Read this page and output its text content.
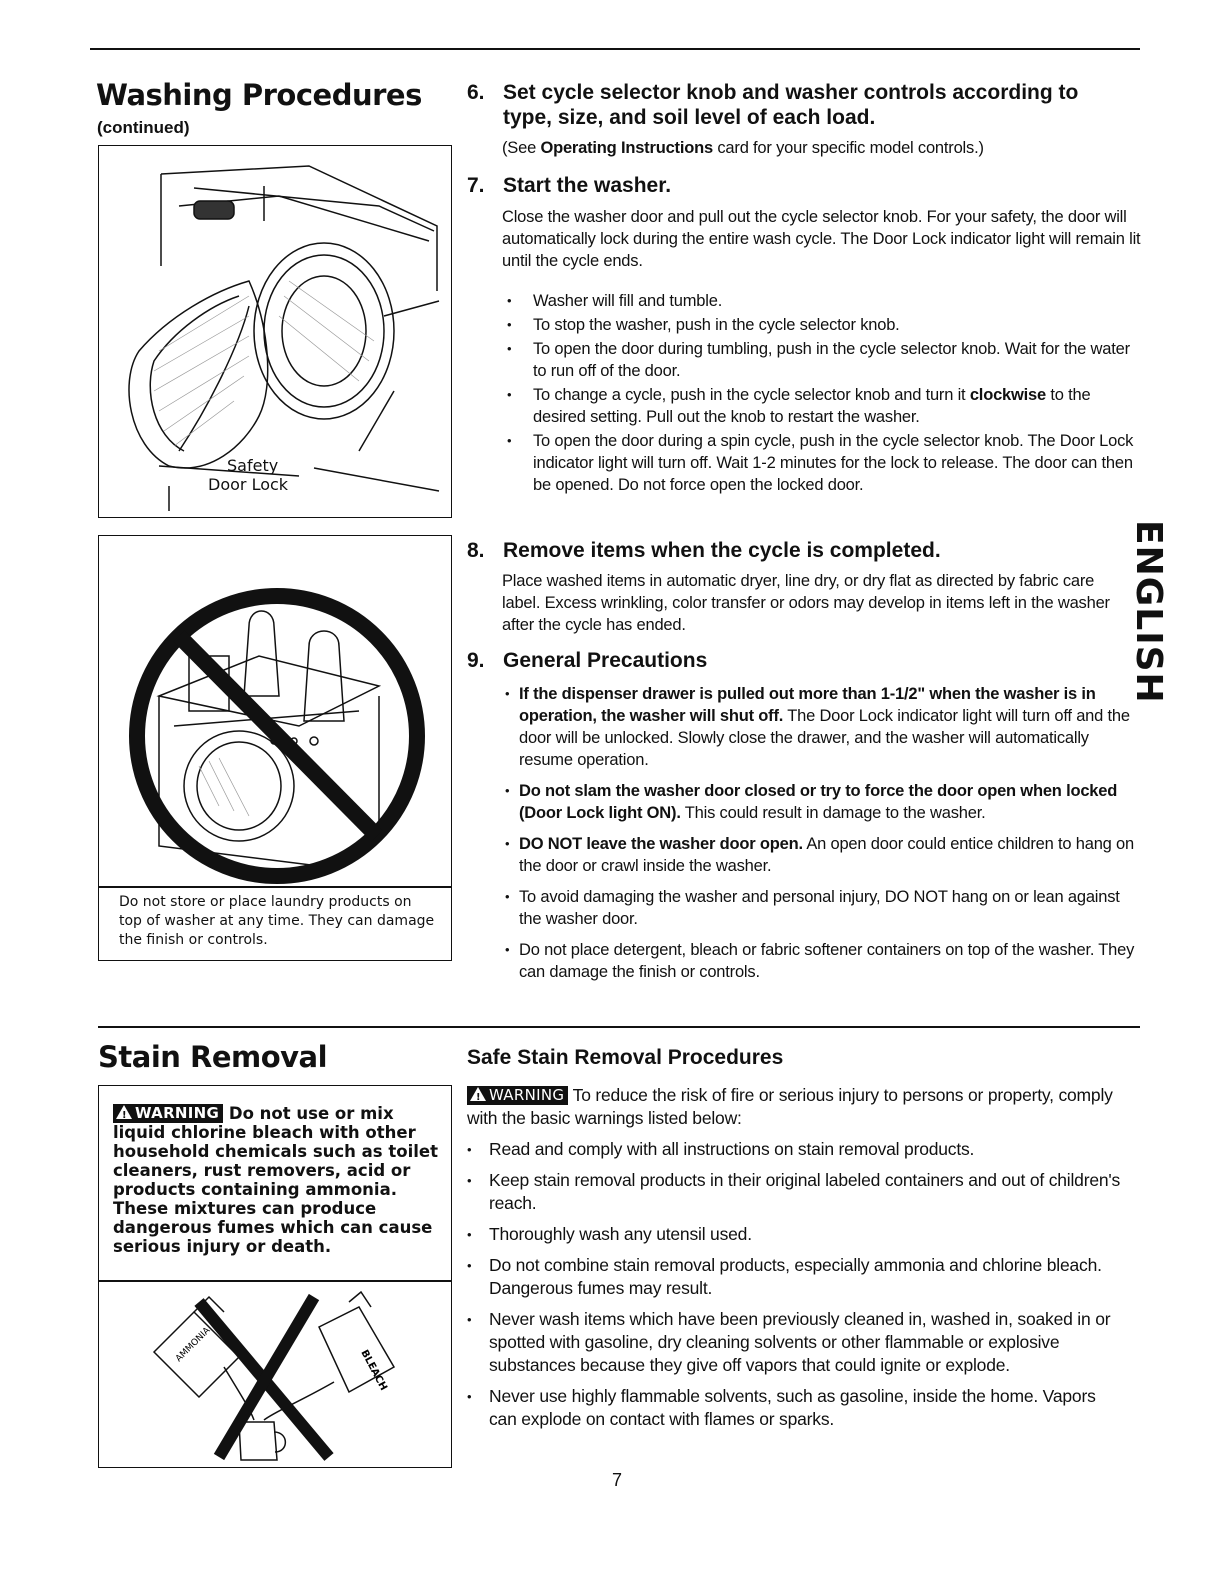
Washing Procedures
(continued)
Safety
Door Lock
Do not store or place laundry products on top of washer at any time. They can damage the finish or controls.
6. Set cycle selector knob and washer controls according to
type, size, and soil level of each load.
(See Operating Instructions card for your specific model controls.)
7. Start the washer.
Close the washer door and pull out the cycle selector knob. For your safety, the door will automatically lock during the entire wash cycle. The Door Lock indicator light will remain lit until the cycle ends.
• Washer will fill and tumble.
• To stop the washer, push in the cycle selector knob.
• To open the door during tumbling, push in the cycle selector knob. Wait for the water to run off of the door.
• To change a cycle, push in the cycle selector knob and turn it clockwise to the desired setting. Pull out the knob to restart the washer.
• To open the door during a spin cycle, push in the cycle selector knob. The Door Lock indicator light will turn off. Wait 1-2 minutes for the lock to release. The door can then be opened. Do not force open the locked door.
8. Remove items when the cycle is completed.
Place washed items in automatic dryer, line dry, or dry flat as directed by fabric care label. Excess wrinkling, color transfer or odors may develop in items left in the washer after the cycle has ended.
9. General Precautions
• If the dispenser drawer is pulled out more than 1-1/2" when the washer is in operation, the washer will shut off. The Door Lock indicator light will turn off and the door will be unlocked. Slowly close the drawer, and the washer will automatically resume operation.
• Do not slam the washer door closed or try to force the door open when locked (Door Lock light ON). This could result in damage to the washer.
• DO NOT leave the washer door open. An open door could entice children to hang on the door or crawl inside the washer.
• To avoid damaging the washer and personal injury, DO NOT hang on or lean against the washer door.
• Do not place detergent, bleach or fabric softener containers on top of the washer. They can damage the finish or controls.
ENGLISH
Stain Removal
!WARNING Do not use or mix liquid chlorine bleach with other household chemicals such as toilet cleaners, rust removers, acid or products containing ammonia. These mixtures can produce dangerous fumes which can cause serious injury or death.
AMMONIA
BLEACH
Safe Stain Removal Procedures
!WARNING To reduce the risk of fire or serious injury to persons or property, comply with the basic warnings listed below:
• Read and comply with all instructions on stain removal products.
• Keep stain removal products in their original labeled containers and out of children's reach.
• Thoroughly wash any utensil used.
• Do not combine stain removal products, especially ammonia and chlorine bleach. Dangerous fumes may result.
• Never wash items which have been previously cleaned in, washed in, soaked in or spotted with gasoline, dry cleaning solvents or other flammable or explosive substances because they give off vapors that could ignite or explode.
• Never use highly flammable solvents, such as gasoline, inside the home. Vapors can explode on contact with flames or sparks.
7
